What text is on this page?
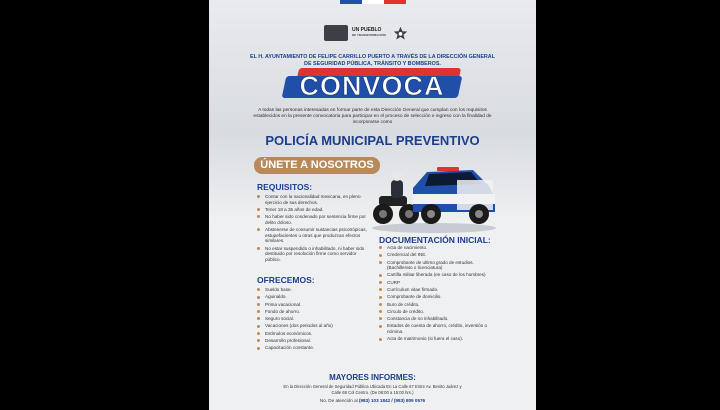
UN PUEBLO
DE TRANSFORMACIÓN
EL H. AYUNTAMIENTO DE FELIPE CARRILLO PUERTO A TRAVÉS DE LA DIRECCIÓN GENERAL DE SEGURIDAD PÚBLICA, TRÁNSITO Y BOMBEROS.
CONVOCA
A todas las personas interesadas en formar parte de esta Dirección General que cumplan con los requisitos establecidos en la presente convocatoria para participar en el proceso de selección e ingreso con la finalidad de incorporarse como
POLICÍA MUNICIPAL PREVENTIVO
ÚNETE A NOSOTROS
REQUISITOS:
Contar con la nacionalidad mexicana, en pleno ejercicio de sus derechos.
Tener 18 a 35 años de edad.
No haber sido condenado por sentencia firme por delito doloso.
Abstenerse de consumir sustancias psicotrópicas, estupefacientes u otras que produzcan efectos similares.
No estar suspendido o inhabilitado, ni haber sido destituido por resolución firme como servidor público.
OFRECEMOS:
Sueldo base.
Aguinaldo.
Prima vacacional.
Fondo de ahorro.
Seguro social.
Vacaciones (dos periodos al año)
Estímulos económicos.
Desarrollo profesional.
Capacitación constante.
DOCUMENTACIÓN INICIAL:
Acta de nacimiento.
Credencial del INE.
Comprobante de ultimo grado de estudios. (Bachillerato o licenciatura)
Cartilla militar liberada (en caso de los hombres)
CURP
Currículum vitae firmado.
Comprobante de domicilio.
Buro de crédito.
Circulo de crédito.
Constancia de no inhabilitado.
Estados de cuenta de ahorro, crédito, inversión o nómina.
Acta de matrimonio (si fuera el caso).
MAYORES INFORMES:
En la Dirección General de Seguridad Pública Ubicada En La Calle 67 Entre Av. Benito Juárez y Calle 68 Col Centro. (De 08:00 a 15:00 hrs.)
No. De atención al (983) 103 1842 / (983) 809 0576
